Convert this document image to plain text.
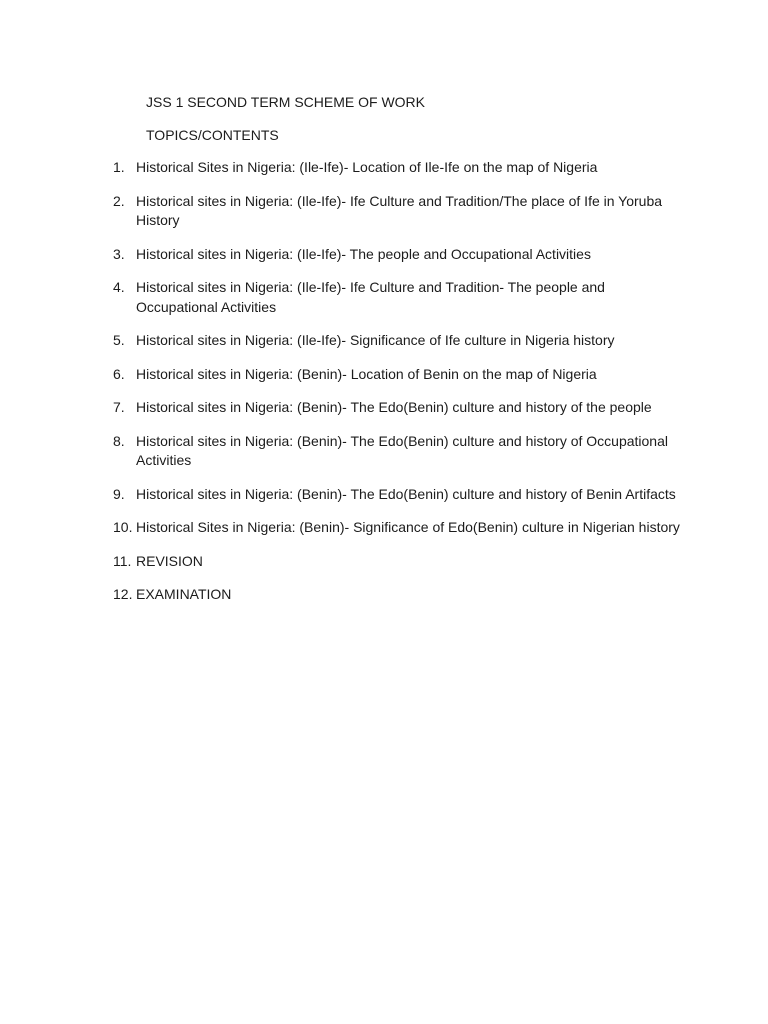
JSS 1 SECOND TERM SCHEME OF WORK
TOPICS/CONTENTS
1. Historical Sites in Nigeria: (Ile-Ife)- Location of Ile-Ife on the map of Nigeria
2. Historical sites in Nigeria: (Ile-Ife)- Ife Culture and Tradition/The place of Ife in Yoruba History
3. Historical sites in Nigeria: (Ile-Ife)- The people and Occupational Activities
4. Historical sites in Nigeria: (Ile-Ife)- Ife Culture and Tradition- The people and Occupational Activities
5. Historical sites in Nigeria: (Ile-Ife)- Significance of Ife culture in Nigeria history
6. Historical sites in Nigeria: (Benin)- Location of Benin on the map of Nigeria
7. Historical sites in Nigeria: (Benin)- The Edo(Benin) culture and history of the people
8. Historical sites in Nigeria: (Benin)- The Edo(Benin) culture and history of Occupational Activities
9. Historical sites in Nigeria: (Benin)- The Edo(Benin) culture and history of Benin Artifacts
10. Historical Sites in Nigeria: (Benin)- Significance of Edo(Benin) culture in Nigerian history
11. REVISION
12. EXAMINATION
